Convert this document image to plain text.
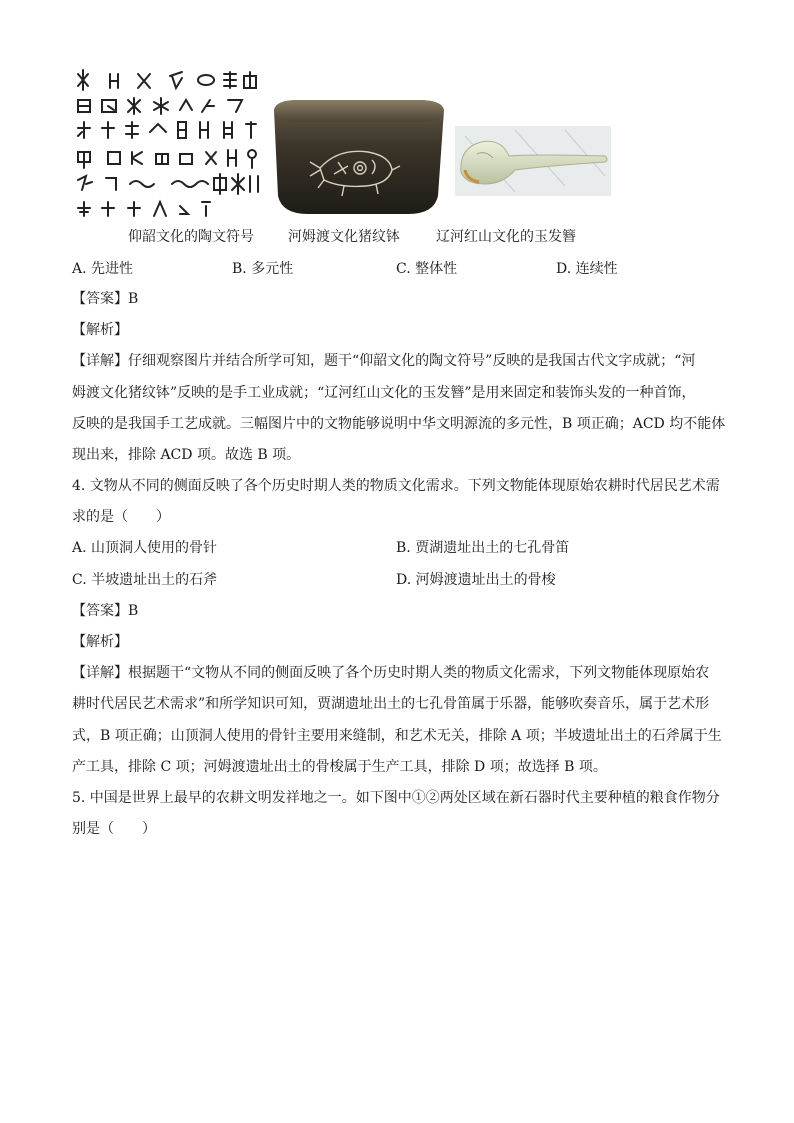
仰韶文化的陶文符号 河姆渡文化猪纹钵	辽河红山文化的玉发簪
A. 先进性	B. 多元性	C. 整体性	D. 连续性
【答案】B
【解析】
【详解】仔细观察图片并结合所学可知，题干“仰韶文化的陶文符号”反映的是我国古代文字成就；“河
姆渡文化猪纹钵”反映的是手工业成就；“辽河红山文化的玉发簪”是用来固定和装饰头发的一种首饰，
反映的是我国手工艺成就。三幅图片中的文物能够说明中华文明源流的多元性，B 项正确；ACD 均不能体
现出来，排除 ACD 项。故选 B 项。
4. 文物从不同的侧面反映了各个历史时期人类的物质文化需求。下列文物能体现原始农耕时代居民艺术需
求的是（　　）
A. 山顶洞人使用的骨针	B. 贾湖遗址出土的七孔骨笛
C. 半坡遗址出土的石斧	D. 河姆渡遗址出土的骨梭
【答案】B
【解析】
【详解】根据题干“文物从不同的侧面反映了各个历史时期人类的物质文化需求，下列文物能体现原始农
耕时代居民艺术需求”和所学知识可知，贾湖遗址出土的七孔骨笛属于乐器，能够吹奏音乐，属于艺术形
式，B 项正确；山顶洞人使用的骨针主要用来缝制，和艺术无关，排除 A 项；半坡遗址出土的石斧属于生
产工具，排除 C 项；河姆渡遗址出土的骨梭属于生产工具，排除 D 项；故选择 B 项。
5. 中国是世界上最早的农耕文明发祥地之一。如下图中①②两处区域在新石器时代主要种植的粮食作物分
别是（　　）
